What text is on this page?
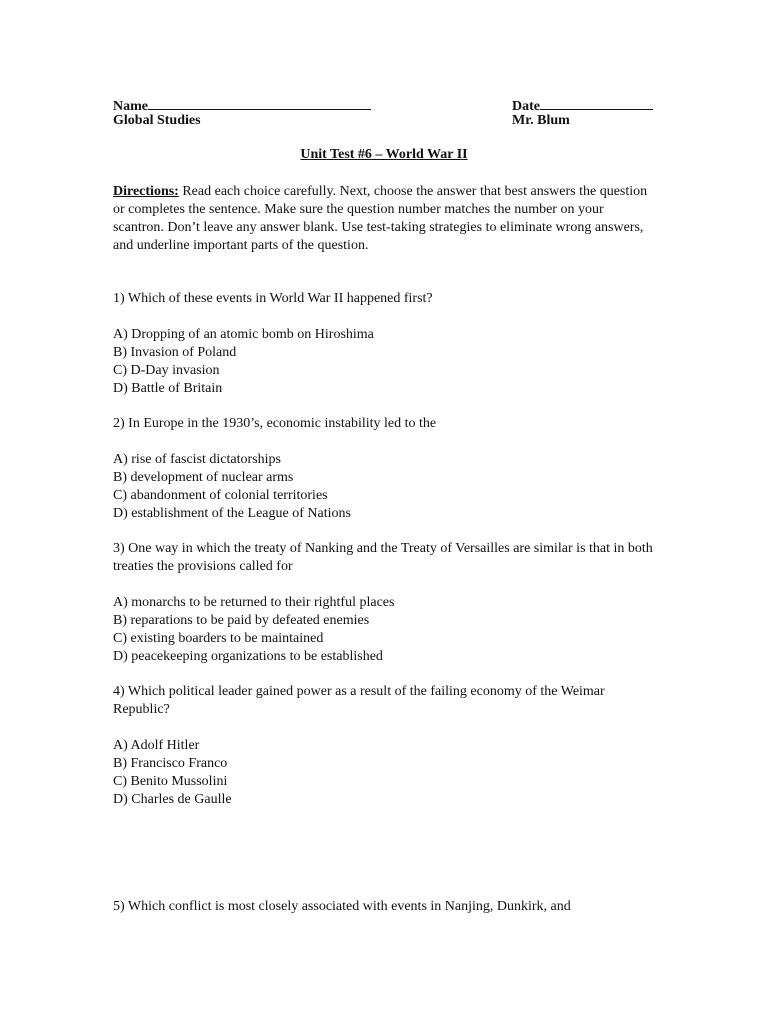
Name	Date
Global Studies	Mr. Blum
Unit Test #6 – World War II
Directions: Read each choice carefully. Next, choose the answer that best answers the question or completes the sentence. Make sure the question number matches the number on your scantron. Don’t leave any answer blank. Use test-taking strategies to eliminate wrong answers, and underline important parts of the question.

1) Which of these events in World War II happened first?

A) Dropping of an atomic bomb on Hiroshima
B) Invasion of Poland
C) D-Day invasion
D) Battle of Britain

2) In Europe in the 1930’s, economic instability led to the

A) rise of fascist dictatorships
B) development of nuclear arms
C) abandonment of colonial territories
D) establishment of the League of Nations

3) One way in which the treaty of Nanking and the Treaty of Versailles are similar is that in both treaties the provisions called for

A) monarchs to be returned to their rightful places
B) reparations to be paid by defeated enemies
C) existing boarders to be maintained
D) peacekeeping organizations to be established

4) Which political leader gained power as a result of the failing economy of the Weimar Republic?

A) Adolf Hitler
B) Francisco Franco
C) Benito Mussolini
D) Charles de Gaulle

5) Which conflict is most closely associated with events in Nanjing, Dunkirk, and
